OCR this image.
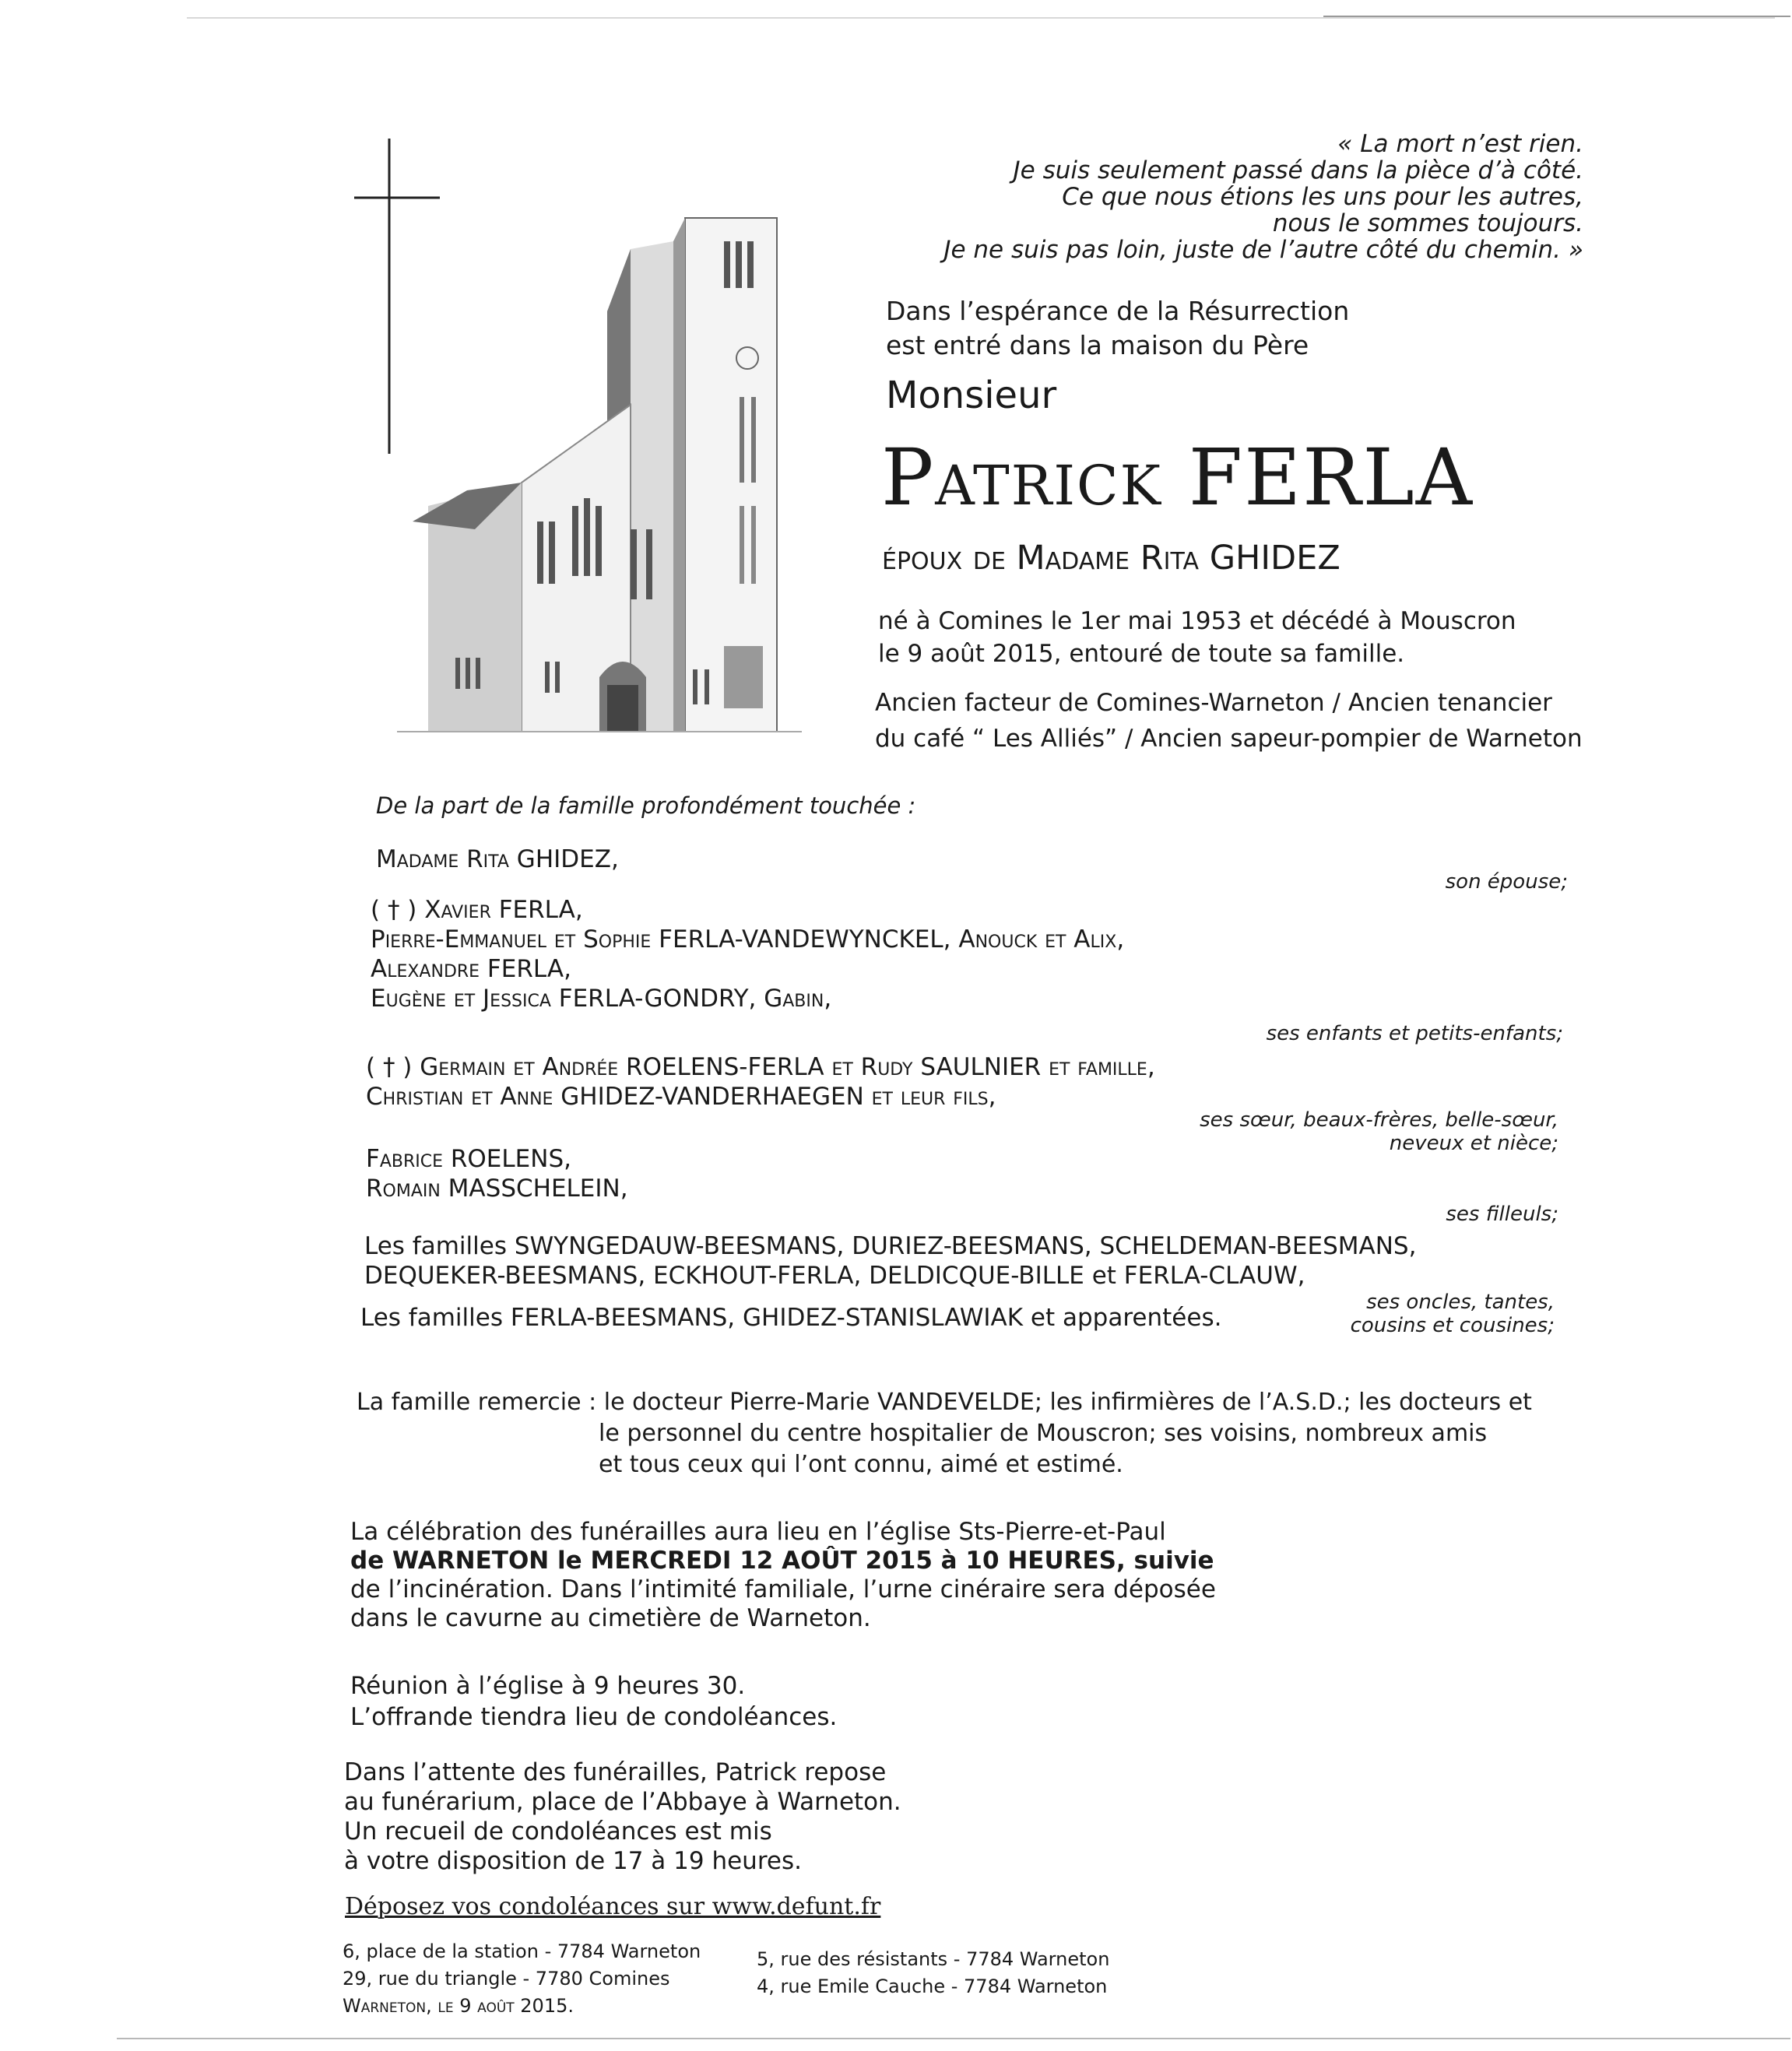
« La mort n’est rien.
Je suis seulement passé dans la pièce d’à côté.
Ce que nous étions les uns pour les autres,
nous le sommes toujours.
Je ne suis pas loin, juste de l’autre côté du chemin. »
Dans l’espérance de la Résurrection
est entré dans la maison du Père
Monsieur
Patrick FERLA
époux de Madame Rita GHIDEZ
né à Comines le 1er mai 1953 et décédé à Mouscron
le 9 août 2015, entouré de toute sa famille.
Ancien facteur de Comines-Warneton / Ancien tenancier
du café “ Les Alliés” / Ancien sapeur-pompier de Warneton
De la part de la famille profondément touchée :
Madame Rita GHIDEZ,
son épouse;
( † ) Xavier FERLA,
Pierre-Emmanuel et Sophie FERLA-VANDEWYNCKEL, Anouck et Alix,
Alexandre FERLA,
Eugène et Jessica FERLA-GONDRY, Gabin,
ses enfants et petits-enfants;
( † ) Germain et Andrée ROELENS-FERLA et Rudy SAULNIER et famille,
Christian et Anne GHIDEZ-VANDERHAEGEN et leur fils,
ses sœur, beaux-frères, belle-sœur,
neveux et nièce;
Fabrice ROELENS,
Romain MASSCHELEIN,
ses filleuls;
Les familles SWYNGEDAUW-BEESMANS, DURIEZ-BEESMANS, SCHELDEMAN-BEESMANS,
DEQUEKER-BEESMANS, ECKHOUT-FERLA, DELDICQUE-BILLE et FERLA-CLAUW,
Les familles FERLA-BEESMANS, GHIDEZ-STANISLAWIAK et apparentées.
ses oncles, tantes,
cousins et cousines;
La famille remercie : le docteur Pierre-Marie VANDEVELDE; les infirmières de l’A.S.D.; les docteurs et
le personnel du centre hospitalier de Mouscron; ses voisins, nombreux amis
et tous ceux qui l’ont connu, aimé et estimé.
La célébration des funérailles aura lieu en l’église Sts-Pierre-et-Paul
de WARNETON le MERCREDI 12 AOÛT 2015 à 10 HEURES, suivie
de l’incinération. Dans l’intimité familiale, l’urne cinéraire sera déposée
dans le cavurne au cimetière de Warneton.
Réunion à l’église à 9 heures 30.
L’offrande tiendra lieu de condoléances.
Dans l’attente des funérailles, Patrick repose
au funérarium, place de l’Abbaye à Warneton.
Un recueil de condoléances est mis
à votre disposition de 17 à 19 heures.
Déposez vos condoléances sur www.defunt.fr
6, place de la station - 7784 Warneton
29, rue du triangle - 7780 Comines
Warneton, le 9 août 2015.
5, rue des résistants - 7784 Warneton
4, rue Emile Cauche - 7784 Warneton
